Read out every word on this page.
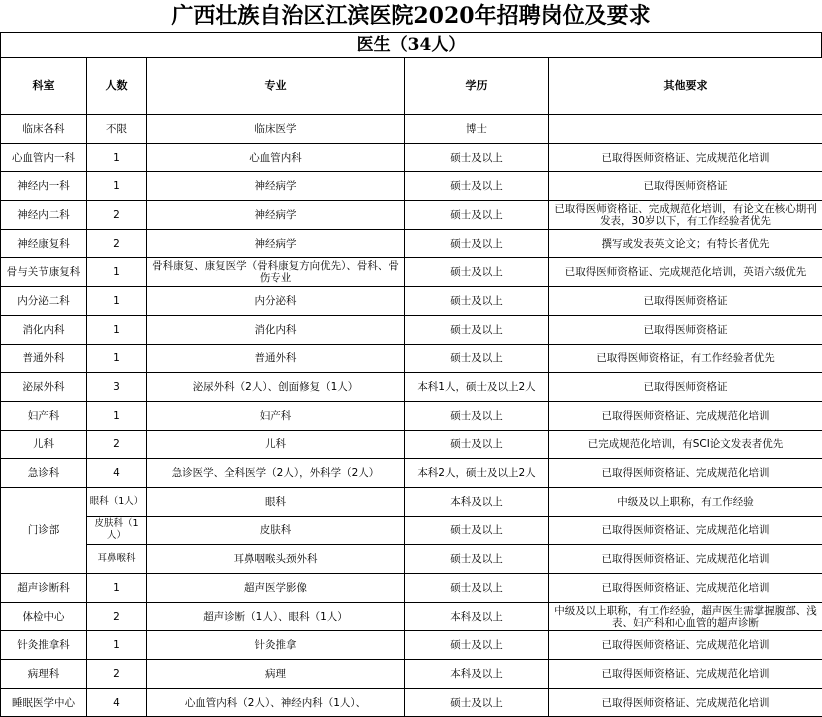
广西壮族自治区江滨医院2020年招聘岗位及要求
医生（34人）
科室	人数	专业	学历	其他要求
临床各科	不限	临床医学	博士	
心血管内一科	1	心血管内科	硕士及以上	已取得医师资格证、完成规范化培训
神经内一科	1	神经病学	硕士及以上	已取得医师资格证
神经内二科	2	神经病学	硕士及以上	已取得医师资格证、完成规范化培训，有论文在核心期刊发表，30岁以下，有工作经验者优先
神经康复科	2	神经病学	硕士及以上	撰写或发表英文论文；有特长者优先
骨与关节康复科	1	骨科康复、康复医学（骨科康复方向优先）、骨科、骨伤专业	硕士及以上	已取得医师资格证、完成规范化培训，英语六级优先
内分泌二科	1	内分泌科	硕士及以上	已取得医师资格证
消化内科	1	消化内科	硕士及以上	已取得医师资格证
普通外科	1	普通外科	硕士及以上	已取得医师资格证，有工作经验者优先
泌尿外科	3	泌尿外科（2人）、创面修复（1人）	本科1人，硕士及以上2人	已取得医师资格证
妇产科	1	妇产科	硕士及以上	已取得医师资格证、完成规范化培训
儿科	2	儿科	硕士及以上	已完成规范化培训，有SCI论文发表者优先
急诊科	4	急诊医学、全科医学（2人），外科学（2人）	本科2人，硕士及以上2人	已取得医师资格证、完成规范化培训
门诊部	眼科（1人）	眼科	本科及以上	中级及以上职称，有工作经验
	皮肤科（1人）	皮肤科	硕士及以上	已取得医师资格证、完成规范化培训
	耳鼻喉科	耳鼻咽喉头颈外科	硕士及以上	已取得医师资格证、完成规范化培训
超声诊断科	1	超声医学影像	硕士及以上	已取得医师资格证、完成规范化培训
体检中心	2	超声诊断（1人）、眼科（1人）	本科及以上	中级及以上职称，有工作经验，超声医生需掌握腹部、浅表、妇产科和心血管的超声诊断
针灸推拿科	1	针灸推拿	硕士及以上	已取得医师资格证、完成规范化培训
病理科	2	病理	本科及以上	已取得医师资格证、完成规范化培训
睡眠医学中心	4	心血管内科（2人）、神经内科（1人）、	硕士及以上	已取得医师资格证、完成规范化培训
